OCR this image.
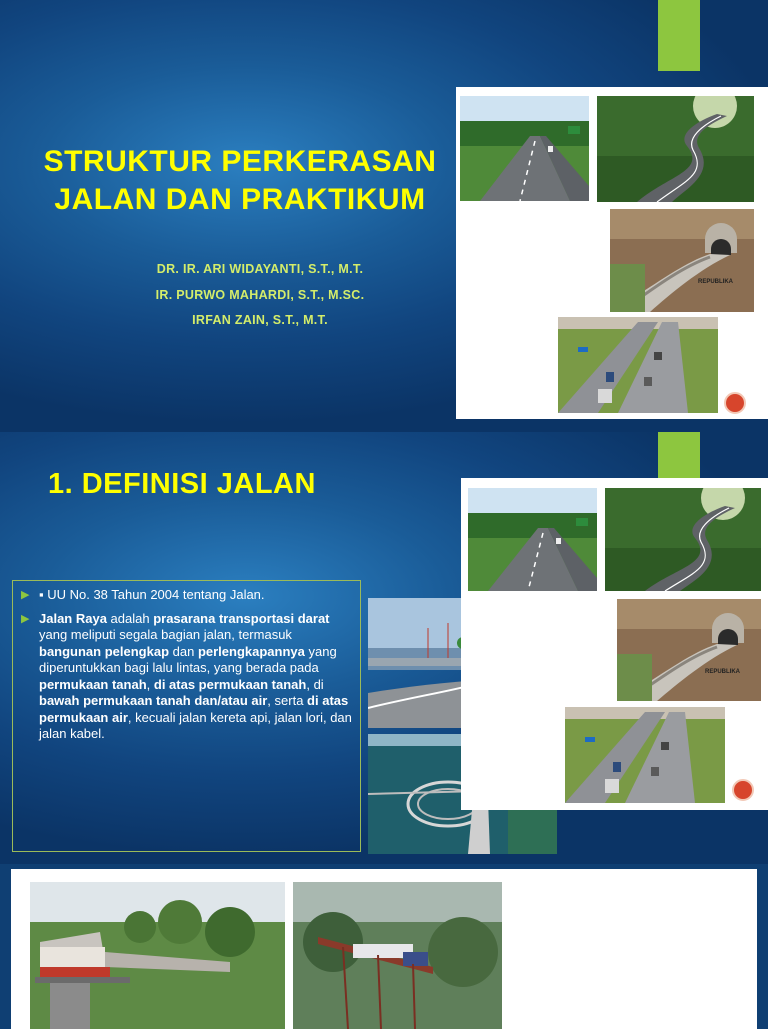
STRUKTUR PERKERASAN
JALAN DAN PRAKTIKUM
DR. IR. ARI WIDAYANTI, S.T., M.T.
IR. PURWO MAHARDI, S.T., M.SC.
IRFAN ZAIN, S.T., M.T.
REPUBLIKA
1. DEFINISI JALAN
▶ ▪ UU No. 38 Tahun 2004 tentang Jalan.
▶ Jalan Raya adalah prasarana transportasi darat yang meliputi segala bagian jalan, termasuk bangunan pelengkap dan perlengkapannya yang diperuntukkan bagi lalu lintas, yang berada pada permukaan tanah, di atas permukaan tanah, di bawah permukaan tanah dan/atau air, serta di atas permukaan air, kecuali jalan kereta api, jalan lori, dan jalan kabel.
REPUBLIKA
